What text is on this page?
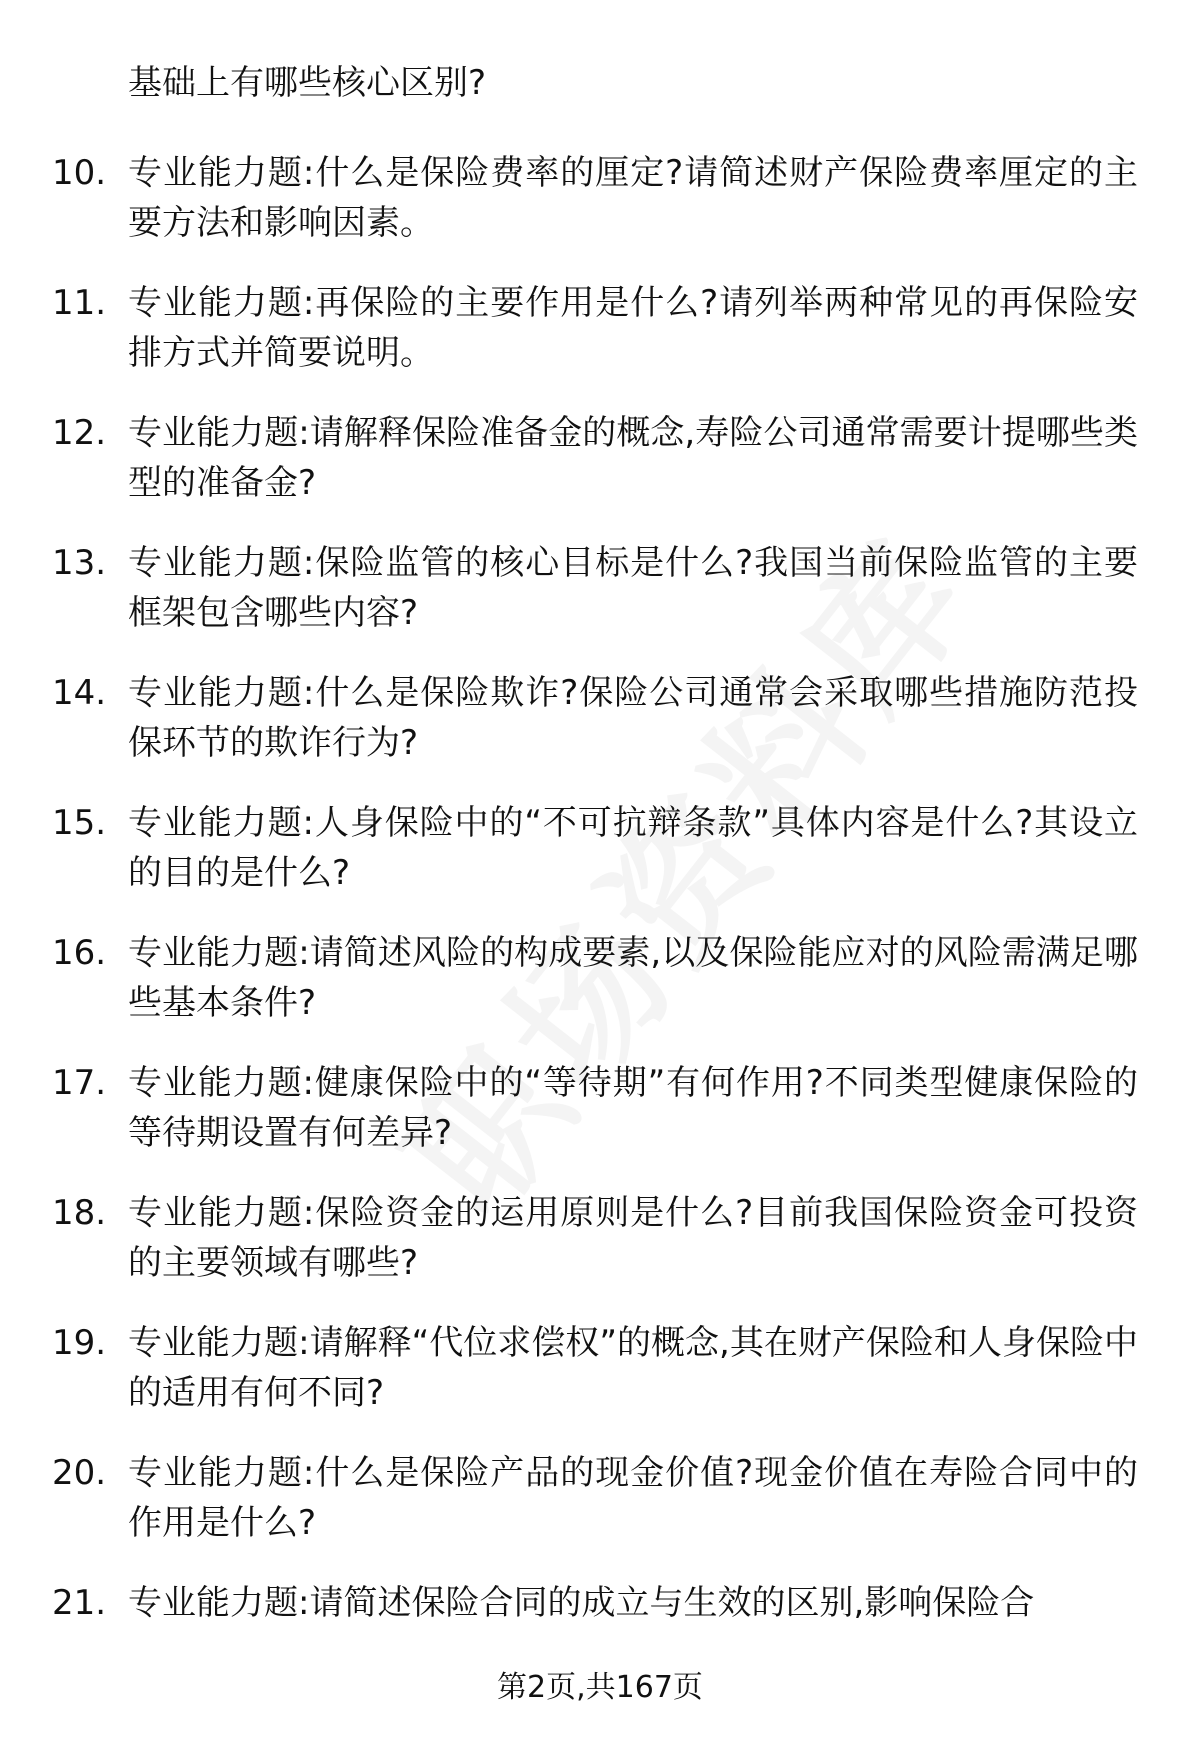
基础上有哪些核心区别?
10. 专业能力题:什么是保险费率的厘定?请简述财产保险费率厘定的主要方法和影响因素。
11. 专业能力题:再保险的主要作用是什么?请列举两种常见的再保险安排方式并简要说明。
12. 专业能力题:请解释保险准备金的概念,寿险公司通常需要计提哪些类型的准备金?
13. 专业能力题:保险监管的核心目标是什么?我国当前保险监管的主要框架包含哪些内容?
14. 专业能力题:什么是保险欺诈?保险公司通常会采取哪些措施防范投保环节的欺诈行为?
15. 专业能力题:人身保险中的“不可抗辩条款”具体内容是什么?其设立的目的是什么?
16. 专业能力题:请简述风险的构成要素,以及保险能应对的风险需满足哪些基本条件?
17. 专业能力题:健康保险中的“等待期”有何作用?不同类型健康保险的等待期设置有何差异?
18. 专业能力题:保险资金的运用原则是什么?目前我国保险资金可投资的主要领域有哪些?
19. 专业能力题:请解释“代位求偿权”的概念,其在财产保险和人身保险中的适用有何不同?
20. 专业能力题:什么是保险产品的现金价值?现金价值在寿险合同中的作用是什么?
21. 专业能力题:请简述保险合同的成立与生效的区别,影响保险合
第2页,共167页
